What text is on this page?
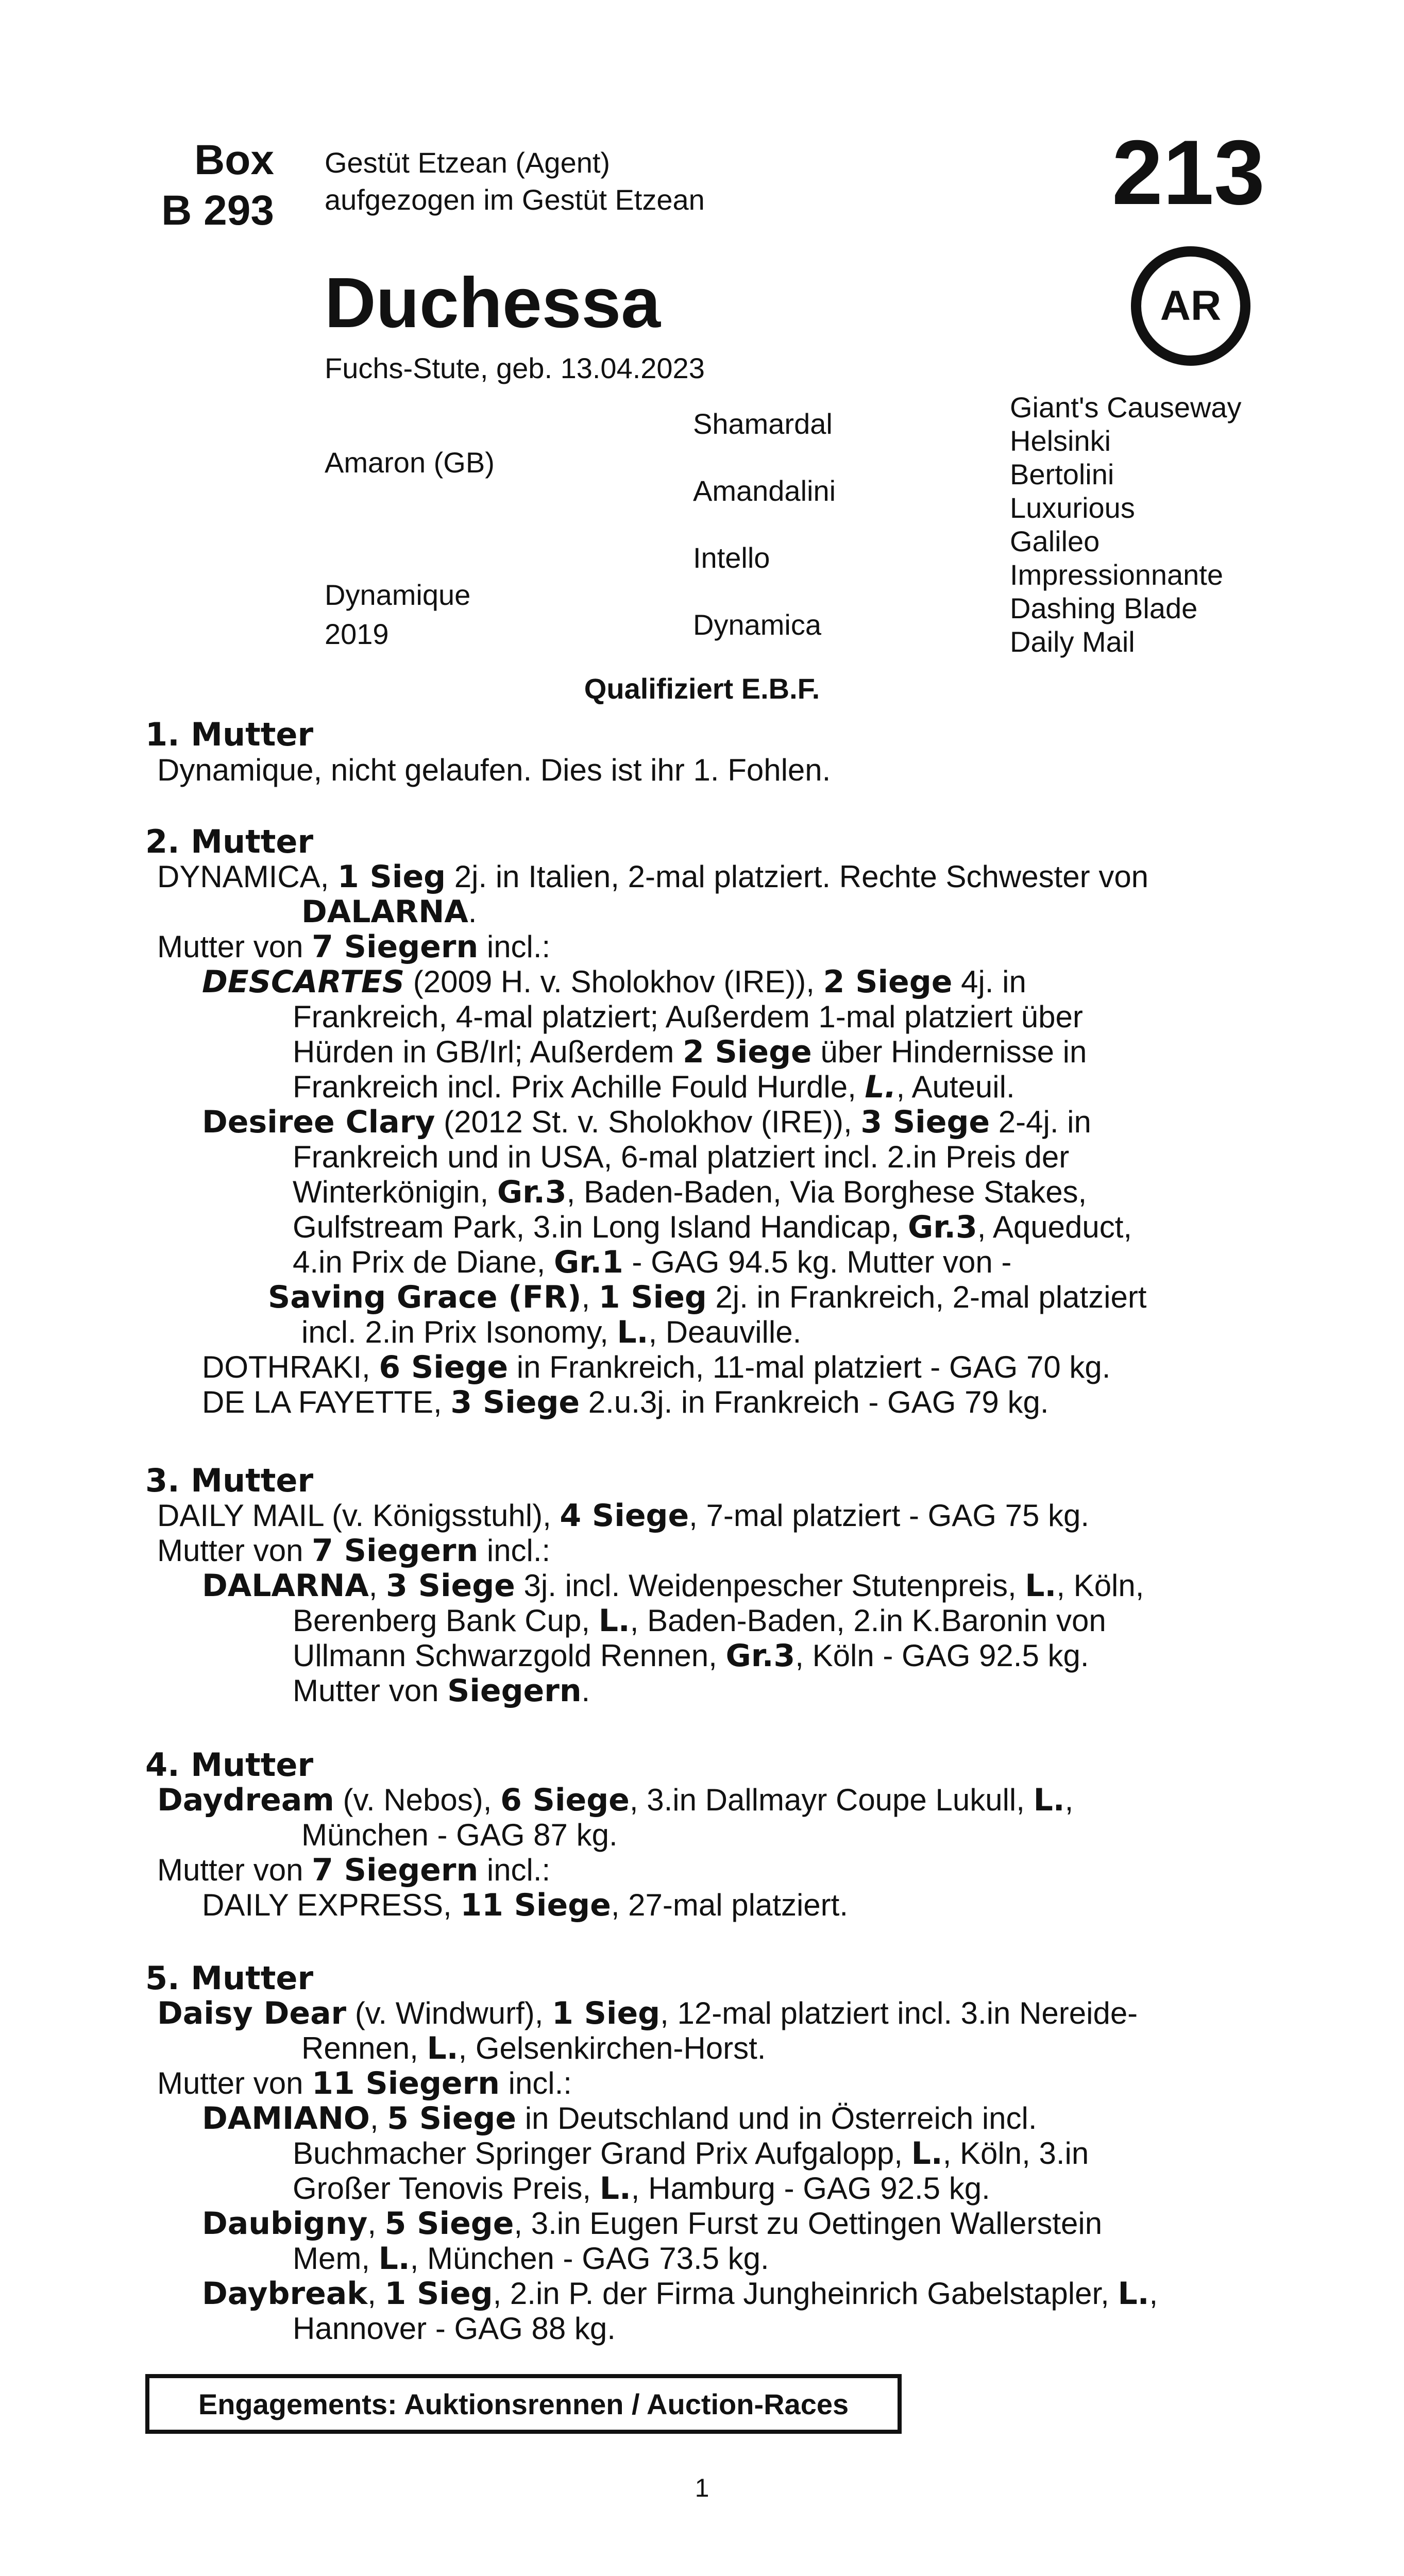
Box
B 293
Gestüt Etzean (Agent)
aufgezogen im Gestüt Etzean	213
AR
Duchessa
Fuchs-Stute, geb. 13.04.2023
Amaron (GB)
Dynamique
2019
Shamardal
Amandalini
Intello
Dynamica
Giant's Causeway
Helsinki
Bertolini
Luxurious
Galileo
Impressionnante
Dashing Blade
Daily Mail
Qualifiziert E.B.F.
1. Mutter
Dynamique, nicht gelaufen. Dies ist ihr 1. Fohlen.
2. Mutter
DYNAMICA, 1 Sieg 2j. in Italien, 2-mal platziert. Rechte Schwester von
DALARNA.
Mutter von 7 Siegern incl.:
DESCARTES (2009 H. v. Sholokhov (IRE)), 2 Siege 4j. in
Frankreich, 4-mal platziert; Außerdem 1-mal platziert über
Hürden in GB/Irl; Außerdem 2 Siege über Hindernisse in
Frankreich incl. Prix Achille Fould Hurdle, L., Auteuil.
Desiree Clary (2012 St. v. Sholokhov (IRE)), 3 Siege 2-4j. in
Frankreich und in USA, 6-mal platziert incl. 2.in Preis der
Winterkönigin, Gr.3, Baden-Baden, Via Borghese Stakes,
Gulfstream Park, 3.in Long Island Handicap, Gr.3, Aqueduct,
4.in Prix de Diane, Gr.1 - GAG 94.5 kg. Mutter von -
Saving Grace (FR), 1 Sieg 2j. in Frankreich, 2-mal platziert
incl. 2.in Prix Isonomy, L., Deauville.
DOTHRAKI, 6 Siege in Frankreich, 11-mal platziert - GAG 70 kg.
DE LA FAYETTE, 3 Siege 2.u.3j. in Frankreich - GAG 79 kg.
3. Mutter
DAILY MAIL (v. Königsstuhl), 4 Siege, 7-mal platziert - GAG 75 kg.
Mutter von 7 Siegern incl.:
DALARNA, 3 Siege 3j. incl. Weidenpescher Stutenpreis, L., Köln,
Berenberg Bank Cup, L., Baden-Baden, 2.in K.Baronin von
Ullmann Schwarzgold Rennen, Gr.3, Köln - GAG 92.5 kg.
Mutter von Siegern.
4. Mutter
Daydream (v. Nebos), 6 Siege, 3.in Dallmayr Coupe Lukull, L.,
München - GAG 87 kg.
Mutter von 7 Siegern incl.:
DAILY EXPRESS, 11 Siege, 27-mal platziert.
5. Mutter
Daisy Dear (v. Windwurf), 1 Sieg, 12-mal platziert incl. 3.in Nereide-
Rennen, L., Gelsenkirchen-Horst.
Mutter von 11 Siegern incl.:
DAMIANO, 5 Siege in Deutschland und in Österreich incl.
Buchmacher Springer Grand Prix Aufgalopp, L., Köln, 3.in
Großer Tenovis Preis, L., Hamburg - GAG 92.5 kg.
Daubigny, 5 Siege, 3.in Eugen Furst zu Oettingen Wallerstein
Mem, L., München - GAG 73.5 kg.
Daybreak, 1 Sieg, 2.in P. der Firma Jungheinrich Gabelstapler, L.,
Hannover - GAG 88 kg.
Engagements: Auktionsrennen / Auction-Races
1
